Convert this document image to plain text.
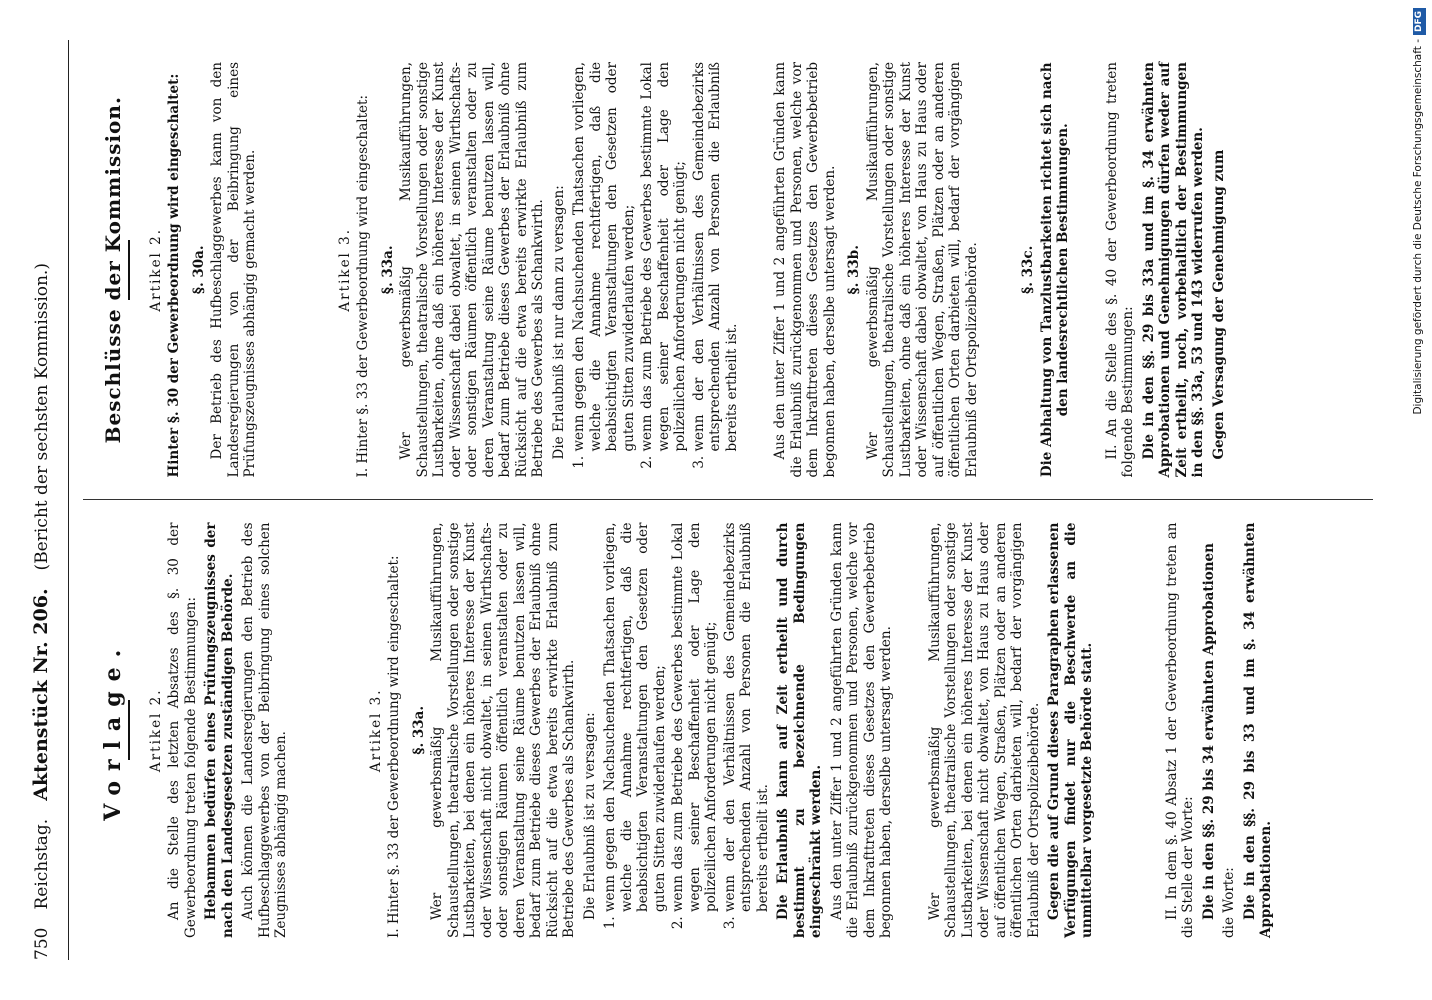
750
Reichstag.
Aktenstück Nr. 206.
(Bericht der sechsten Kommission.)
Vorlage. Artikel 2. An die Stelle des letzten Absatzes des §. 30 der Gewerbeordnung treten folgende Bestimmungen: Hebammen bedürfen eines Prüfungszeugnisses der nach den Landesgesetzen zuständigen Behörde. Auch können die Landesregierungen den Betrieb des Hufbeschlaggewerbes von der Beibringung eines solchen Zeugnisses abhängig machen.

Artikel 3. I. Hinter §. 33 der Gewerbeordnung wird eingeschaltet: §. 33a. Wer gewerbsmäßig Musikaufführungen, Schaustellungen, theatralische Vorstellungen oder sonstige Lustbarkeiten, bei denen ein höheres Interesse der Kunst oder Wissenschaft nicht obwaltet, in seinen Wirthschafts- oder sonstigen Räumen öffentlich veranstalten oder zu deren Veranstaltung seine Räume benutzen lassen will, bedarf zum Betriebe dieses Gewerbes der Erlaubniß ohne Rücksicht auf die etwa bereits erwirkte Erlaubniß zum Betriebe des Gewerbes als Schankwirth. Die Erlaubniß ist zu versagen: 1. wenn gegen den Nachsuchenden Thatsachen vorliegen, welche die Annahme rechtfertigen, daß die beabsichtigten Veranstaltungen den Gesetzen oder guten Sitten zuwiderlaufen werden; 2. wenn das zum Betriebe des Gewerbes bestimmte Lokal wegen seiner Beschaffenheit oder Lage den polizeilichen Anforderungen nicht genügt; 3. wenn der den Verhältnissen des Gemeindebezirks entsprechenden Anzahl von Personen die Erlaubniß bereits ertheilt ist. Die Erlaubniß kann auf Zeit ertheilt und durch bestimmt zu bezeichnende Bedingungen eingeschränkt werden. Aus den unter Ziffer 1 und 2 angeführten Gründen kann die Erlaubniß zurückgenommen und Personen, welche vor dem Inkrafttreten dieses Gesetzes den Gewerbebetrieb begonnen haben, derselbe untersagt werden. Wer gewerbsmäßig Musikaufführungen, Schaustellungen, theatralische Vorstellungen oder sonstige Lustbarkeiten, bei denen ein höheres Interesse der Kunst oder Wissenschaft nicht obwaltet, von Haus zu Haus oder auf öffentlichen Wegen, Straßen, Plätzen oder an anderen öffentlichen Orten darbieten will, bedarf der vorgängigen Erlaubniß der Ortspolizeibehörde. Gegen die auf Grund dieses Paragraphen erlassenen Verfügungen findet nur die Beschwerde an die unmittelbar vorgesetzte Behörde statt.	II. In dem §. 40 Absatz 1 der Gewerbeordnung treten an die Stelle der Worte: Die in den §§. 29 bis 34 erwähnten Approbationen die Worte: Die in den §§. 29 bis 33 und im §. 34 erwähnten Approbationen.

Beschlüsse der Kommission. Artikel 2. Hinter §. 30 der Gewerbeordnung wird eingeschaltet: §. 30a. Der Betrieb des Hufbeschlaggewerbes kann von den Landesregierungen von der Beibringung eines Prüfungszeugnisses abhängig gemacht werden.	Artikel 3. I. Hinter §. 33 der Gewerbeordnung wird eingeschaltet: §. 33a. Wer gewerbsmäßig Musikaufführungen, Schaustellungen, theatralische Vorstellungen oder sonstige Lustbarkeiten, ohne daß ein höheres Interesse der Kunst oder Wissenschaft dabei obwaltet, in seinen Wirthschafts- oder sonstigen Räumen öffentlich veranstalten oder zu deren Veranstaltung seine Räume benutzen lassen will, bedarf zum Betriebe dieses Gewerbes der Erlaubniß ohne Rücksicht auf die etwa bereits erwirkte Erlaubniß zum Betriebe des Gewerbes als Schankwirth. Die Erlaubniß ist nur dann zu versagen: 1. wenn gegen den Nachsuchenden Thatsachen vorliegen, welche die Annahme rechtfertigen, daß die beabsichtigten Veranstaltungen den Gesetzen oder guten Sitten zuwiderlaufen werden; 2. wenn das zum Betriebe des Gewerbes bestimmte Lokal wegen seiner Beschaffenheit oder Lage den polizeilichen Anforderungen nicht genügt; 3. wenn der den Verhältnissen des Gemeindebezirks entsprechenden Anzahl von Personen die Erlaubniß bereits ertheilt ist. Aus den unter Ziffer 1 und 2 angeführten Gründen kann die Erlaubniß zurückgenommen und Personen, welche vor dem Inkrafttreten dieses Gesetzes den Gewerbebetrieb begonnen haben, derselbe untersagt werden. §. 33b. Wer gewerbsmäßig Musikaufführungen, Schaustellungen, theatralische Vorstellungen oder sonstige Lustbarkeiten, ohne daß ein höheres Interesse der Kunst oder Wissenschaft dabei obwaltet, von Haus zu Haus oder auf öffentlichen Wegen, Straßen, Plätzen oder an anderen öffentlichen Orten darbieten will, bedarf der vorgängigen Erlaubniß der Ortspolizeibehörde.	§. 33c. Die Abhaltung von Tanzlustbarkeiten richtet sich nach den landesrechtlichen Bestimmungen. II. An die Stelle des §. 40 der Gewerbeordnung treten folgende Bestimmungen: Die in den §§. 29 bis 33a und im §. 34 erwähnten Approbationen und Genehmigungen dürfen weder auf Zeit ertheilt, noch, vorbehaltlich der Bestimmungen in den §§. 33a, 53 und 143 widerrufen werden. Gegen Versagung der Genehmigung zum	Digitalisierung gefördert durch die Deutsche Forschungsgemeinschaft -DFG
